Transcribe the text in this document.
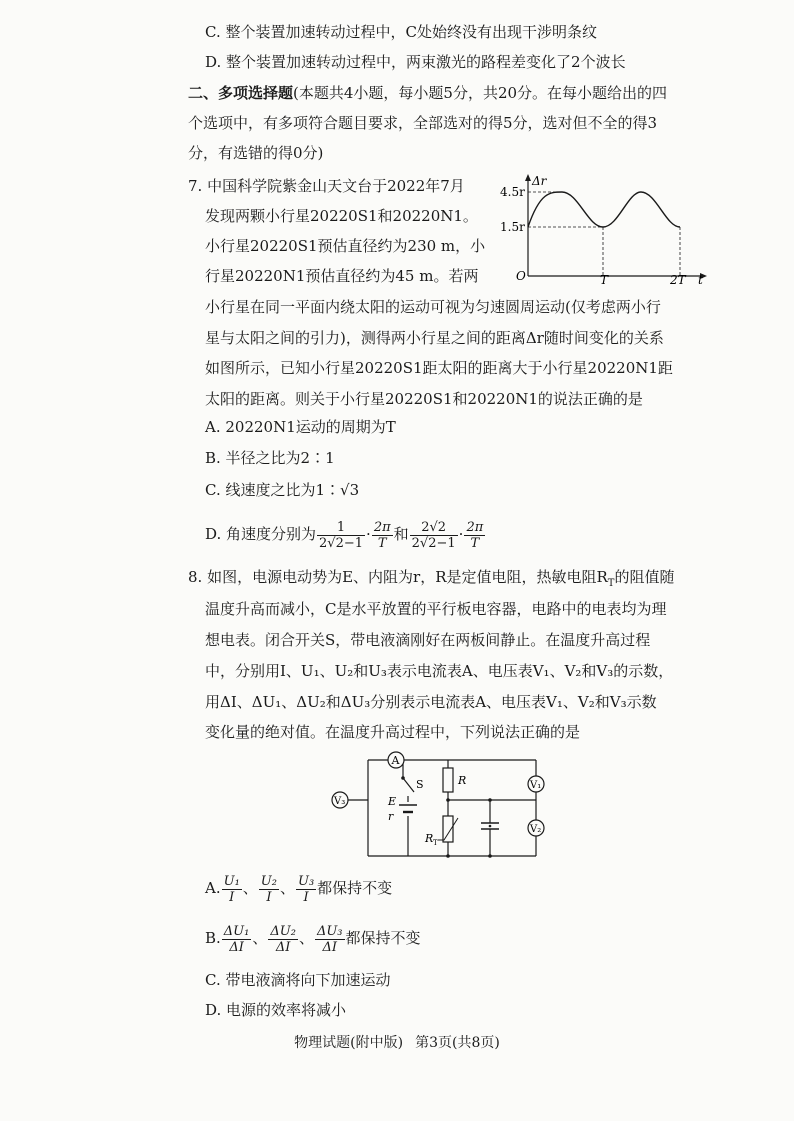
C. 整个装置加速转动过程中，C处始终没有出现干涉明条纹
D. 整个装置加速转动过程中，两束激光的路程差变化了2个波长
二、多项选择题(本题共4小题，每小题5分，共20分。在每小题给出的四
个选项中，有多项符合题目要求，全部选对的得5分，选对但不全的得3
分，有选错的得0分)
7. 中国科学院紫金山天文台于2022年7月
发现两颗小行星20220S1和20220N1。
小行星20220S1预估直径约为230 m，小
行星20220N1预估直径约为45 m。若两
小行星在同一平面内绕太阳的运动可视为匀速圆周运动(仅考虑两小行
星与太阳之间的引力)，测得两小行星之间的距离Δr随时间变化的关系
如图所示，已知小行星20220S1距太阳的距离大于小行星20220N1距
太阳的距离。则关于小行星20220S1和20220N1的说法正确的是
Δr
t
4.5r
1.5r
O	T	2T
A. 20220N1运动的周期为T
B. 半径之比为2∶1
C. 线速度之比为1∶√3
D. 角速度分别为 $\frac{1}{2√2-1} \cdot \frac{2\pi}{T}$ 和 $\frac{2√2}{2√2-1} \cdot \frac{2\pi}{T}$
8. 如图，电源电动势为E、内阻为r，R是定值电阻，热敏电阻$R_T$的阻值随
温度升高而减小，C是水平放置的平行板电容器，电路中的电表均为理
想电表。闭合开关S，带电液滴刚好在两板间静止。在温度升高过程
中，分别用I、U₁、U₂和U₃表示电流表A、电压表V₁、V₂和V₃的示数，
用ΔI、ΔU₁、ΔU₂和ΔU₃分别表示电流表A、电压表V₁、V₂和V₃示数
变化量的绝对值。在温度升高过程中，下列说法正确的是
A
S
E
r
R
R T
V₁
V₂
V₃
A. $\frac{\text{U₁}}{I}$ 、 $\frac{\text{U₂}}{I}$ 、 $\frac{\text{U₃}}{I}$ 都保持不变
B. $\frac{\text{ΔU₁}}{\Delta I}$ 、 $\frac{\text{ΔU₂}}{\Delta I}$ 、 $\frac{\text{ΔU₃}}{\Delta I}$ 都保持不变
C. 带电液滴将向下加速运动
D. 电源的效率将减小
物理试题(附中版) 第3页(共8页)
